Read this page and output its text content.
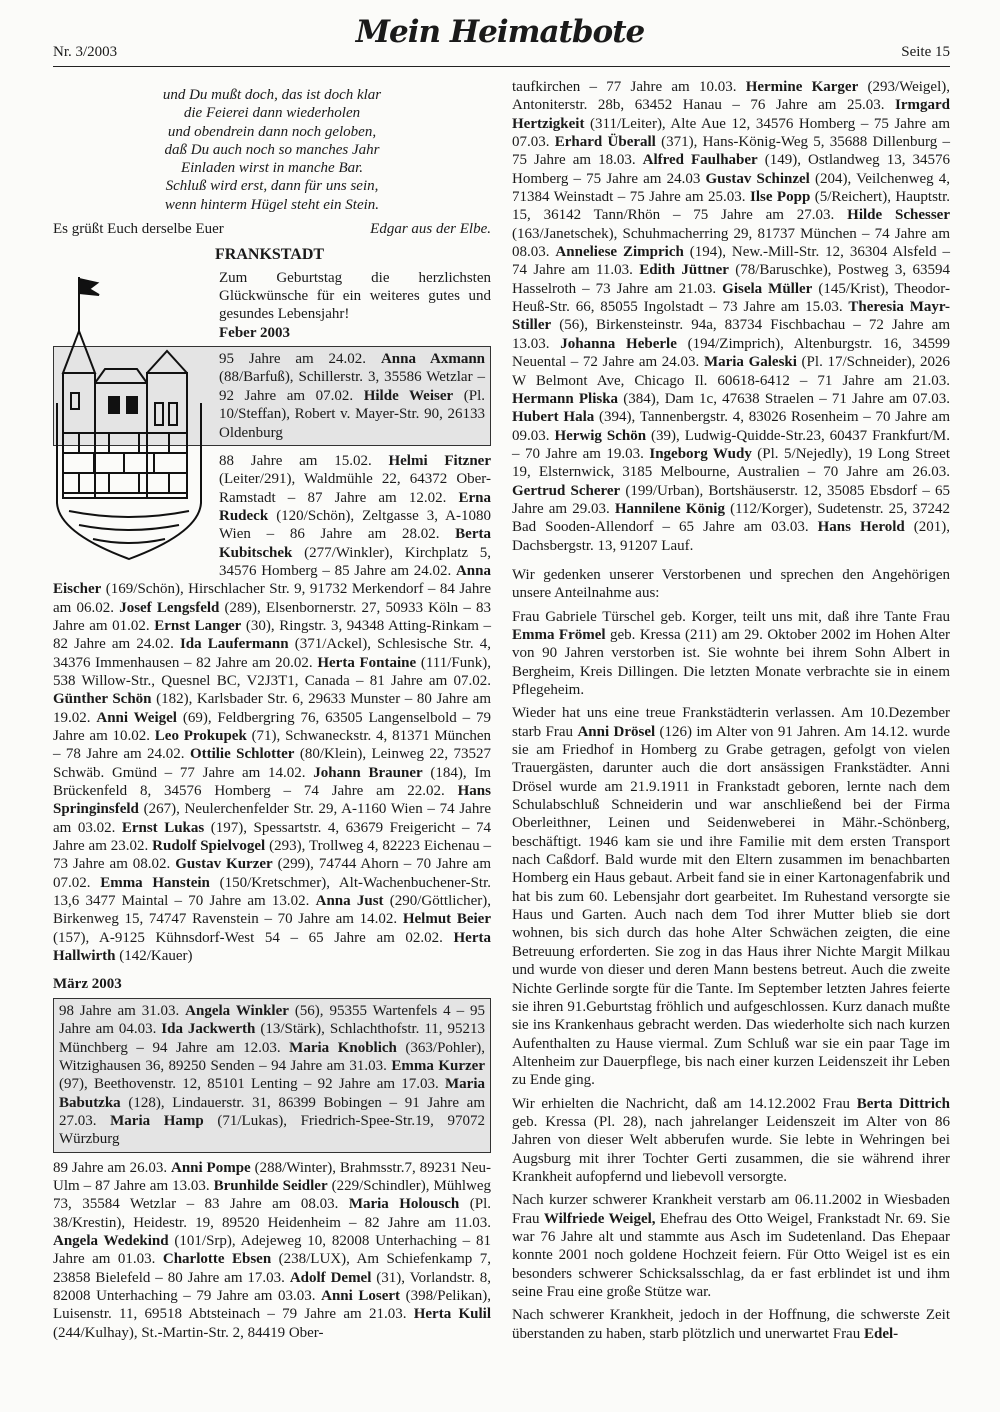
Nr. 3/2003
Mein Heimatbote
Seite 15
und Du mußt doch, das ist doch klar
die Feierei dann wiederholen
und obendrein dann noch geloben,
daß Du auch noch so manches Jahr
Einladen wirst in manche Bar.
Schluß wird erst, dann für uns sein,
wenn hinterm Hügel steht ein Stein.
Es grüßt Euch derselbe Euer	Edgar aus der Elbe.
FRANKSTADT

Zum Geburtstag die herzlichsten Glückwünsche für ein weiteres gutes und gesundes Lebensjahr!

Feber 2003
95 Jahre am 24.02. Anna Axmann (88/Barfuß), Schillerstr. 3, 35586 Wetzlar – 92 Jahre am 07.02. Hilde Weiser (Pl. 10/Steffan), Robert v. Mayer-Str. 90, 26133 Oldenburg

88 Jahre am 15.02. Helmi Fitzner (Leiter/291), Waldmühle 22, 64372 Ober-Ramstadt – 87 Jahre am 12.02. Erna Rudeck (120/Schön), Zeltgasse 3, A-1080 Wien – 86 Jahre am 28.02. Berta Kubitschek (277/Winkler), Kirchplatz 5, 34576 Homberg – 85 Jahre am 24.02. Anna Eischer (169/Schön), Hirschlacher Str. 9, 91732 Merkendorf – 84 Jahre am 06.02. Josef Lengsfeld (289), Elsenbornerstr. 27, 50933 Köln – 83 Jahre am 01.02. Ernst Langer (30), Ringstr. 3, 94348 Atting-Rinkam – 82 Jahre am 24.02. Ida Laufermann (371/Ackel), Schlesische Str. 4, 34376 Immenhausen – 82 Jahre am 20.02. Herta Fontaine (111/Funk), 538 Willow-Str., Quesnel BC, V2J3T1, Canada – 81 Jahre am 07.02. Günther Schön (182), Karlsbader Str. 6, 29633 Munster – 80 Jahre am 19.02. Anni Weigel (69), Feldbergring 76, 63505 Langenselbold – 79 Jahre am 10.02. Leo Prokupek (71), Schwaneckstr. 4, 81371 München – 78 Jahre am 24.02. Ottilie Schlotter (80/Klein), Leinweg 22, 73527 Schwäb. Gmünd – 77 Jahre am 14.02. Johann Brauner (184), Im Brückenfeld 8, 34576 Homberg – 74 Jahre am 22.02. Hans Springinsfeld (267), Neulerchenfelder Str. 29, A-1160 Wien – 74 Jahre am 03.02. Ernst Lukas (197), Spessartstr. 4, 63679 Freigericht – 74 Jahre am 23.02. Rudolf Spielvogel (293), Trollweg 4, 82223 Eichenau – 73 Jahre am 08.02. Gustav Kurzer (299), 74744 Ahorn – 70 Jahre am 07.02. Emma Hanstein (150/Kretschmer), Alt-Wachenbuchener-Str. 13,6 3477 Maintal – 70 Jahre am 13.02. Anna Just (290/Göttlicher), Birkenweg 15, 74747 Ravenstein – 70 Jahre am 14.02. Helmut Beier (157), A-9125 Kühnsdorf-West 54 – 65 Jahre am 02.02. Herta Hallwirth (142/Kauer)

März 2003
98 Jahre am 31.03. Angela Winkler (56), 95355 Wartenfels 4 – 95 Jahre am 04.03. Ida Jackwerth (13/Stärk), Schlachthofstr. 11, 95213 Münchberg – 94 Jahre am 12.03. Maria Knoblich (363/Pohler), Witzighausen 36, 89250 Senden – 94 Jahre am 31.03. Emma Kurzer (97), Beethovenstr. 12, 85101 Lenting – 92 Jahre am 17.03. Maria Babutzka (128), Lindauerstr. 31, 86399 Bobingen – 91 Jahre am 27.03. Maria Hamp (71/Lukas), Friedrich-Spee-Str.19, 97072 Würzburg

89 Jahre am 26.03. Anni Pompe (288/Winter), Brahmsstr.7, 89231 Neu-Ulm – 87 Jahre am 13.03. Brunhilde Seidler (229/Schindler), Mühlweg 73, 35584 Wetzlar – 83 Jahre am 08.03. Maria Holousch (Pl. 38/Krestin), Heidestr. 19, 89520 Heidenheim – 82 Jahre am 11.03. Angela Wedekind (101/Srp), Adejeweg 10, 82008 Unterhaching – 81 Jahre am 01.03. Charlotte Ebsen (238/LUX), Am Schiefenkamp 7, 23858 Bielefeld – 80 Jahre am 17.03. Adolf Demel (31), Vorlandstr. 8, 82008 Unterhaching – 79 Jahre am 03.03. Anni Losert (398/Pelikan), Luisenstr. 11, 69518 Abtsteinach – 79 Jahre am 21.03. Herta Kulil (244/Kulhay), St.-Martin-Str. 2, 84419 Ober-

taufkirchen – 77 Jahre am 10.03. Hermine Karger (293/Weigel), Antoniterstr. 28b, 63452 Hanau – 76 Jahre am 25.03. Irmgard Hertzigkeit (311/Leiter), Alte Aue 12, 34576 Homberg – 75 Jahre am 07.03. Erhard Überall (371), Hans-König-Weg 5, 35688 Dillenburg – 75 Jahre am 18.03. Alfred Faulhaber (149), Ostlandweg 13, 34576 Homberg – 75 Jahre am 24.03 Gustav Schinzel (204), Veilchenweg 4, 71384 Weinstadt – 75 Jahre am 25.03. Ilse Popp (5/Reichert), Hauptstr. 15, 36142 Tann/Rhön – 75 Jahre am 27.03. Hilde Schesser (163/Janetschek), Schuhmacherring 29, 81737 München – 74 Jahre am 08.03. Anneliese Zimprich (194), New.-Mill-Str. 12, 36304 Alsfeld – 74 Jahre am 11.03. Edith Jüttner (78/Baruschke), Postweg 3, 63594 Hasselroth – 73 Jahre am 21.03. Gisela Müller (145/Krist), Theodor-Heuß-Str. 66, 85055 Ingolstadt – 73 Jahre am 15.03. Theresia Mayr-Stiller (56), Birkensteinstr. 94a, 83734 Fischbachau – 72 Jahre am 13.03. Johanna Heberle (194/Zimprich), Altenburgstr. 16, 34599 Neuental – 72 Jahre am 24.03. Maria Galeski (Pl. 17/Schneider), 2026 W Belmont Ave, Chicago Il. 60618-6412 – 71 Jahre am 21.03. Hermann Pliska (384), Dam 1c, 47638 Straelen – 71 Jahre am 07.03. Hubert Hala (394), Tannenbergstr. 4, 83026 Rosenheim – 70 Jahre am 09.03. Herwig Schön (39), Ludwig-Quidde-Str.23, 60437 Frankfurt/M. – 70 Jahre am 19.03. Ingeborg Wudy (Pl. 5/Nejedly), 19 Long Street 19, Elsternwick, 3185 Melbourne, Australien – 70 Jahre am 26.03. Gertrud Scherer (199/Urban), Bortshäuserstr. 12, 35085 Ebsdorf – 65 Jahre am 29.03. Hannilene König (112/Korger), Sudetenstr. 25, 37242 Bad Sooden-Allendorf – 65 Jahre am 03.03. Hans Herold (201), Dachsbergstr. 13, 91207 Lauf.

Wir gedenken unserer Verstorbenen und sprechen den Angehörigen unsere Anteilnahme aus:

Frau Gabriele Türschel geb. Korger, teilt uns mit, daß ihre Tante Frau Emma Frömel geb. Kressa (211) am 29. Oktober 2002 im Hohen Alter von 90 Jahren verstorben ist. Sie wohnte bei ihrem Sohn Albert in Bergheim, Kreis Dillingen. Die letzten Monate verbrachte sie in einem Pflegeheim.

Wieder hat uns eine treue Frankstädterin verlassen. Am 10.Dezember starb Frau Anni Drösel (126) im Alter von 91 Jahren. Am 14.12. wurde sie am Friedhof in Homberg zu Grabe getragen, gefolgt von vielen Trauergästen, darunter auch die dort ansässigen Frankstädter. Anni Drösel wurde am 21.9.1911 in Frankstadt geboren, lernte nach dem Schulabschluß Schneiderin und war anschließend bei der Firma Oberleithner, Leinen und Seidenweberei in Mähr.-Schönberg, beschäftigt. 1946 kam sie und ihre Familie mit dem ersten Transport nach Caßdorf. Bald wurde mit den Eltern zusammen im benachbarten Homberg ein Haus gebaut. Arbeit fand sie in einer Kartonagenfabrik und hat bis zum 60. Lebensjahr dort gearbeitet. Im Ruhestand versorgte sie Haus und Garten. Auch nach dem Tod ihrer Mutter blieb sie dort wohnen, bis sich durch das hohe Alter Schwächen zeigten, die eine Betreuung erforderten. Sie zog in das Haus ihrer Nichte Margit Milkau und wurde von dieser und deren Mann bestens betreut. Auch die zweite Nichte Gerlinde sorgte für die Tante. Im September letzten Jahres feierte sie ihren 91.Geburtstag fröhlich und aufgeschlossen. Kurz danach mußte sie ins Krankenhaus gebracht werden. Das wiederholte sich nach kurzen Aufenthalten zu Hause viermal. Zum Schluß war sie ein paar Tage im Altenheim zur Dauerpflege, bis nach einer kurzen Leidenszeit ihr Leben zu Ende ging.

Wir erhielten die Nachricht, daß am 14.12.2002 Frau Berta Dittrich geb. Kressa (Pl. 28), nach jahrelanger Leidenszeit im Alter von 86 Jahren von dieser Welt abberufen wurde. Sie lebte in Wehringen bei Augsburg mit ihrer Tochter Gerti zusammen, die sie während ihrer Krankheit aufopfernd und liebevoll versorgte.

Nach kurzer schwerer Krankheit verstarb am 06.11.2002 in Wiesbaden Frau Wilfriede Weigel, Ehefrau des Otto Weigel, Frankstadt Nr. 69. Sie war 76 Jahre alt und stammte aus Asch im Sudetenland. Das Ehepaar konnte 2001 noch goldene Hochzeit feiern. Für Otto Weigel ist es ein besonders schwerer Schicksalsschlag, da er fast erblindet ist und ihm seine Frau eine große Stütze war.

Nach schwerer Krankheit, jedoch in der Hoffnung, die schwerste Zeit überstanden zu haben, starb plötzlich und unerwartet Frau Edel-
